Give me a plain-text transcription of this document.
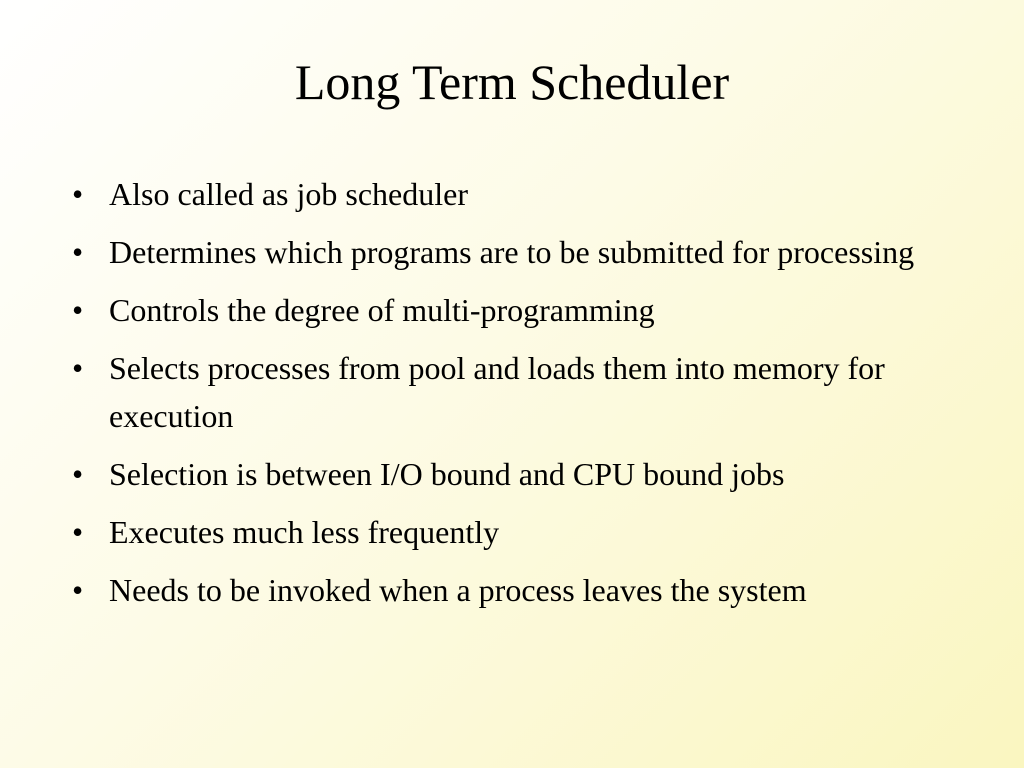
Long Term Scheduler
• Also called as job scheduler
• Determines which programs are to be submitted for processing
• Controls the degree of multi-programming
• Selects processes from pool and loads them into memory for execution
• Selection is between I/O bound and CPU bound jobs
• Executes much less frequently
• Needs to be invoked when a process leaves the system
